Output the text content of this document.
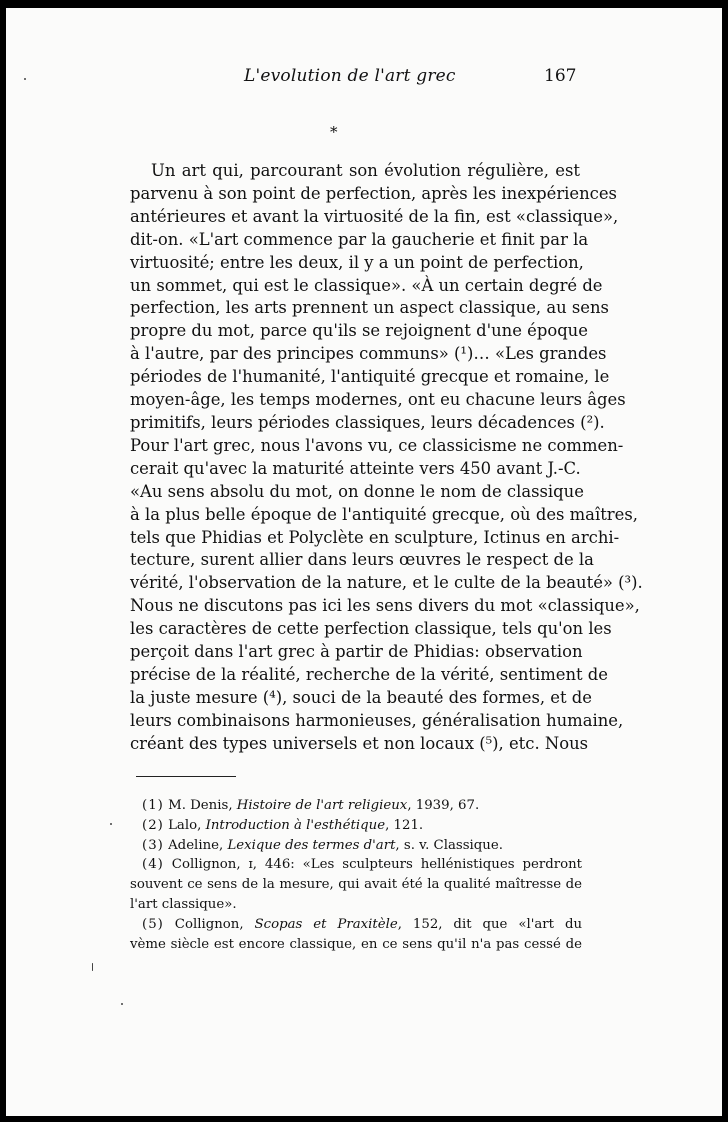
L'evolution de l'art grec	167
*
Un art qui, parcourant son évolution régulière, est
parvenu à son point de perfection, après les inexpériences
antérieures et avant la virtuosité de la fin, est «classique»,
dit-on. «L'art commence par la gaucherie et finit par la
virtuosité; entre les deux, il y a un point de perfection,
un sommet, qui est le classique». «À un certain degré de
perfection, les arts prennent un aspect classique, au sens
propre du mot, parce qu'ils se rejoignent d'une époque
à l'autre, par des principes communs» (¹)… «Les grandes
périodes de l'humanité, l'antiquité grecque et romaine, le
moyen-âge, les temps modernes, ont eu chacune leurs âges
primitifs, leurs périodes classiques, leurs décadences (²).
Pour l'art grec, nous l'avons vu, ce classicisme ne commen-
cerait qu'avec la maturité atteinte vers 450 avant J.-C.
«Au sens absolu du mot, on donne le nom de classique
à la plus belle époque de l'antiquité grecque, où des maîtres,
tels que Phidias et Polyclète en sculpture, Ictinus en archi-
tecture, surent allier dans leurs œuvres le respect de la
vérité, l'observation de la nature, et le culte de la beauté» (³).
Nous ne discutons pas ici les sens divers du mot «classique»,
les caractères de cette perfection classique, tels qu'on les
perçoit dans l'art grec à partir de Phidias: observation
précise de la réalité, recherche de la vérité, sentiment de
la juste mesure (⁴), souci de la beauté des formes, et de
leurs combinaisons harmonieuses, généralisation humaine,
créant des types universels et non locaux (⁵), etc. Nous
(1) M. Denis, Histoire de l'art religieux, 1939, 67.
(2) Lalo, Introduction à l'esthétique, 121.
(3) Adeline, Lexique des termes d'art, s. v. Classique.
(4) Collignon, ɪ, 446: «Les sculpteurs hellénistiques perdront
souvent ce sens de la mesure, qui avait été la qualité maîtresse de
l'art classique».
(5) Collignon, Scopas et Praxitèle, 152, dit que «l'art du
vème siècle est encore classique, en ce sens qu'il n'a pas cessé de
